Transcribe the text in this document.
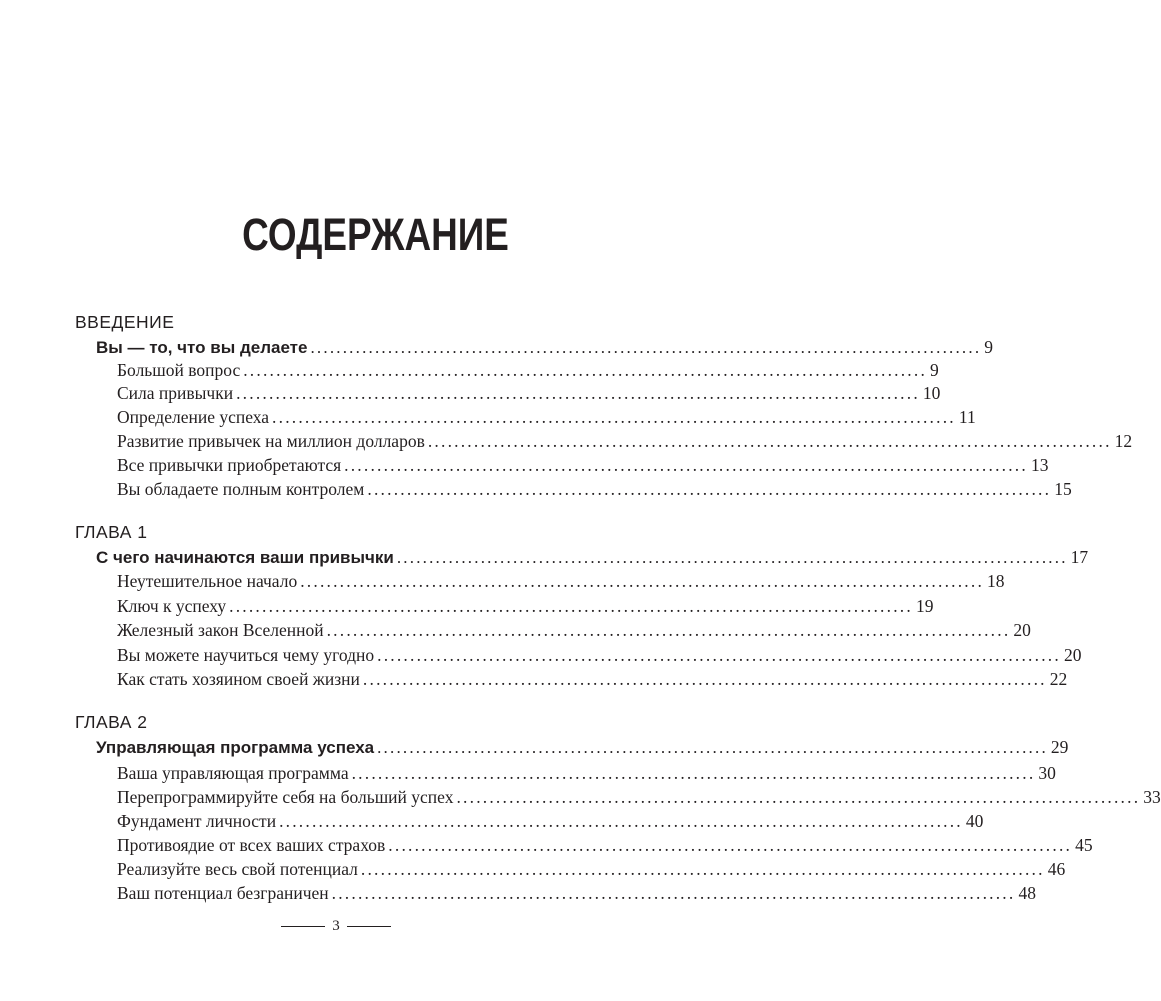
СОДЕРЖАНИЕ
ВВЕДЕНИЕ
Вы — то, что вы делаете ........................................................................................................ 9
Большой вопрос ........................................................................................................ 9
Сила привычки ........................................................................................................ 10
Определение успеха ........................................................................................................ 11
Развитие привычек на миллион долларов ........................................................................................................ 12
Все привычки приобретаются ........................................................................................................ 13
Вы обладаете полным контролем ........................................................................................................ 15
ГЛАВА 1
С чего начинаются ваши привычки ........................................................................................................ 17
Неутешительное начало ........................................................................................................ 18
Ключ к успеху ........................................................................................................ 19
Железный закон Вселенной ........................................................................................................ 20
Вы можете научиться чему угодно ........................................................................................................ 20
Как стать хозяином своей жизни ........................................................................................................ 22
ГЛАВА 2
Управляющая программа успеха ........................................................................................................ 29
Ваша управляющая программа ........................................................................................................ 30
Перепрограммируйте себя на больший успех ........................................................................................................ 33
Фундамент личности ........................................................................................................ 40
Противоядие от всех ваших страхов ........................................................................................................ 45
Реализуйте весь свой потенциал ........................................................................................................ 46
Ваш потенциал безграничен ........................................................................................................ 48
3
